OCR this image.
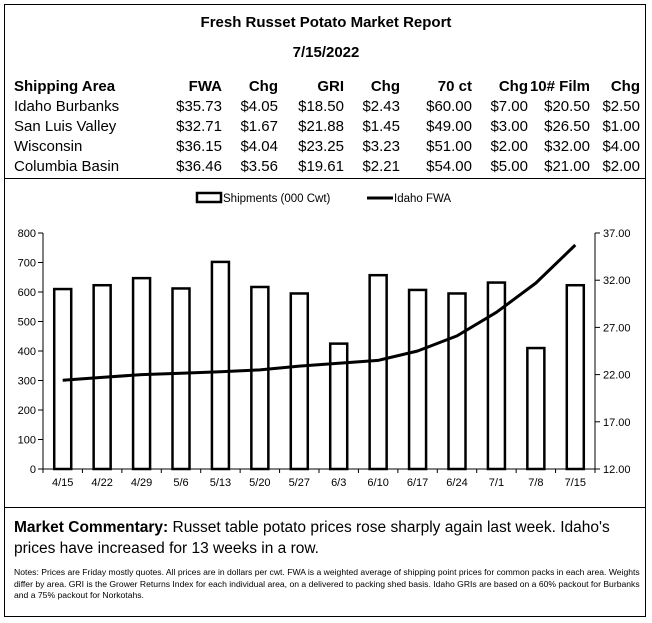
Fresh Russet Potato Market Report
7/15/2022
Shipping Area	FWA	Chg	GRI	Chg	70 ct	Chg	10# Film	Chg
Idaho Burbanks	$35.73	$4.05	$18.50	$2.43	$60.00	$7.00	$20.50	$2.50
San Luis Valley	$32.71	$1.67	$21.88	$1.45	$49.00	$3.00	$26.50	$1.00
Wisconsin	$36.15	$4.04	$23.25	$3.23	$51.00	$2.00	$32.00	$4.00
Columbia Basin	$36.46	$3.56	$19.61	$2.21	$54.00	$5.00	$21.00	$2.00
Shipments (000 Cwt)	Idaho FWA
0
100
200
300
400
500
600
700
800
12.00
17.00
22.00
27.00
32.00
37.00
4/15 4/22 4/29 5/6 5/13 5/20 5/27 6/3 6/10 6/17 6/24 7/1 7/8 7/15
Market Commentary: Russet table potato prices rose sharply again last week. Idaho's prices have increased for 13 weeks in a row.
Notes: Prices are Friday mostly quotes. All prices are in dollars per cwt. FWA is a weighted average of shipping point prices for common packs in each area. Weights differ by area. GRI is the Grower Returns Index for each individual area, on a delivered to packing shed basis. Idaho GRIs are based on a 60% packout for Burbanks and a 75% packout for Norkotahs.
